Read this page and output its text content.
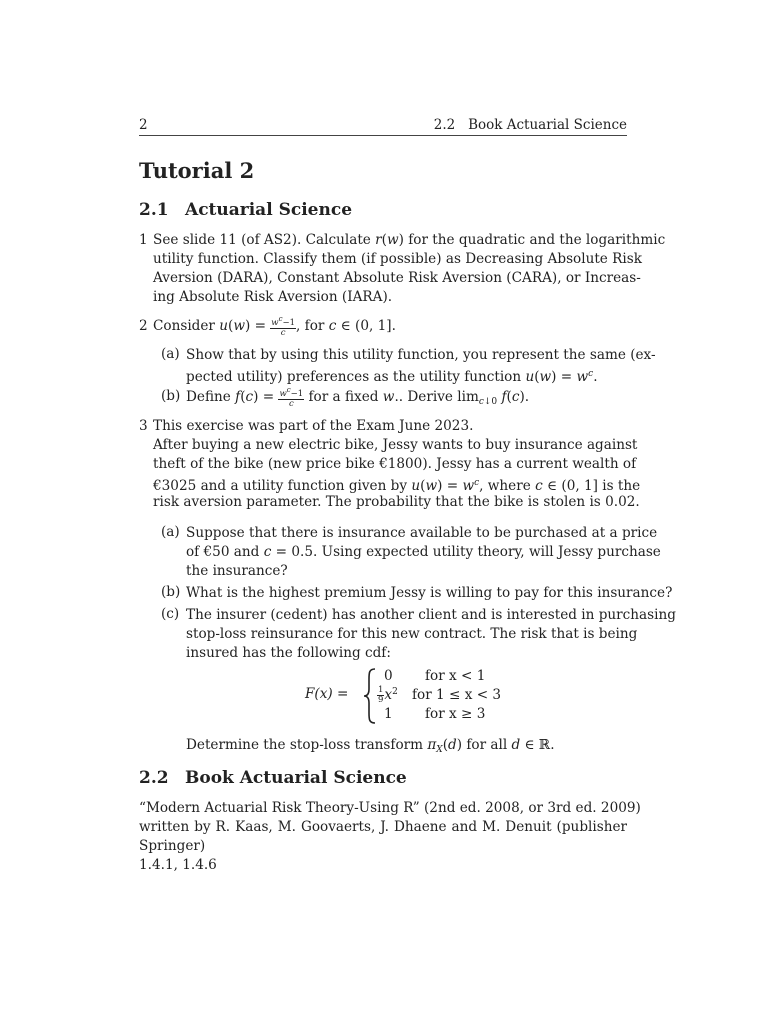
2	2.2   Book Actuarial Science
Tutorial 2
2.1 Actuarial Science
1 See slide 11 (of AS2). Calculate r(w) for the quadratic and the logarithmic
utility function. Classify them (if possible) as Decreasing Absolute Risk
Aversion (DARA), Constant Absolute Risk Aversion (CARA), or Increas-
ing Absolute Risk Aversion (IARA).
2 Consider $u(w) = \frac{w^c-1}{c}$ , for c ∈ (0, 1].
(a) Show that by using this utility function, you represent the same (ex-
pected utility) preferences as the utility function $u(w) = w^c$.
(b) Define $f(c) = \frac{w^c-1}{c}$ for a fixed w.. Derive $\lim_{c↓0} f(c)$.
3 This exercise was part of the Exam June 2023.
After buying a new electric bike, Jessy wants to buy insurance against
theft of the bike (new price bike €1800). Jessy has a current wealth of
€3025 and a utility function given by $u(w) = w^c$, where c ∈ (0, 1] is the
risk aversion parameter. The probability that the bike is stolen is 0.02.
(a) Suppose that there is insurance available to be purchased at a price
of €50 and c = 0.5. Using expected utility theory, will Jessy purchase
the insurance?
(b) What is the highest premium Jessy is willing to pay for this insurance?
(c) The insurer (cedent) has another client and is interested in purchasing
stop-loss reinsurance for this new contract. The risk that is being
insured has the following cdf:
F(x) =
0 for x < 1
$\frac{1}{9} x^2$ for 1 ≤ x < 3
1 for x ≥ 3
Determine the stop-loss transform $\pi_X(d)$ for all d ∈ ℝ.
2.2 Book Actuarial Science
“Modern Actuarial Risk Theory-Using R” (2nd ed. 2008, or 3rd ed. 2009)
written by R. Kaas, M. Goovaerts, J. Dhaene and M. Denuit (publisher
Springer)
1.4.1, 1.4.6
